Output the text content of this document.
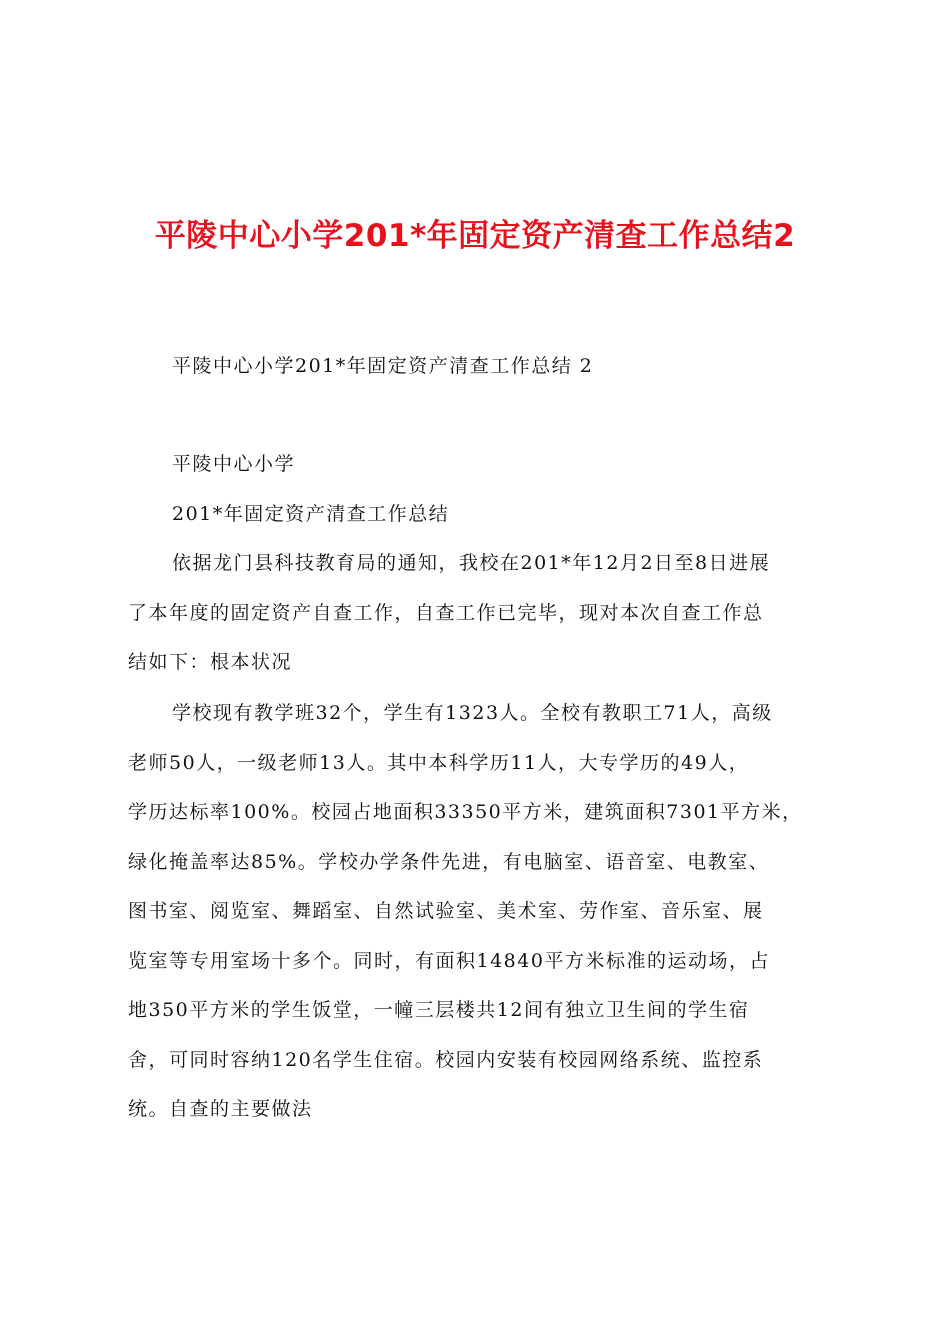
平陵中心小学201*年固定资产清查工作总结2

平陵中心小学201*年固定资产清查工作总结 2

平陵中心小学

201*年固定资产清查工作总结

依据龙门县科技教育局的通知，我校在201*年12月2日至8日进展
了本年度的固定资产自查工作，自查工作已完毕，现对本次自查工作总
结如下：根本状况

学校现有教学班32个，学生有1323人。全校有教职工71人，高级
老师50人，一级老师13人。其中本科学历11人，大专学历的49人，
学历达标率100%。校园占地面积33350平方米，建筑面积7301平方米，
绿化掩盖率达85%。学校办学条件先进，有电脑室、语音室、电教室、
图书室、阅览室、舞蹈室、自然试验室、美术室、劳作室、音乐室、展
览室等专用室场十多个。同时，有面积14840平方米标准的运动场，占
地350平方米的学生饭堂，一幢三层楼共12间有独立卫生间的学生宿
舍，可同时容纳120名学生住宿。校园内安装有校园网络系统、监控系
统。自查的主要做法
